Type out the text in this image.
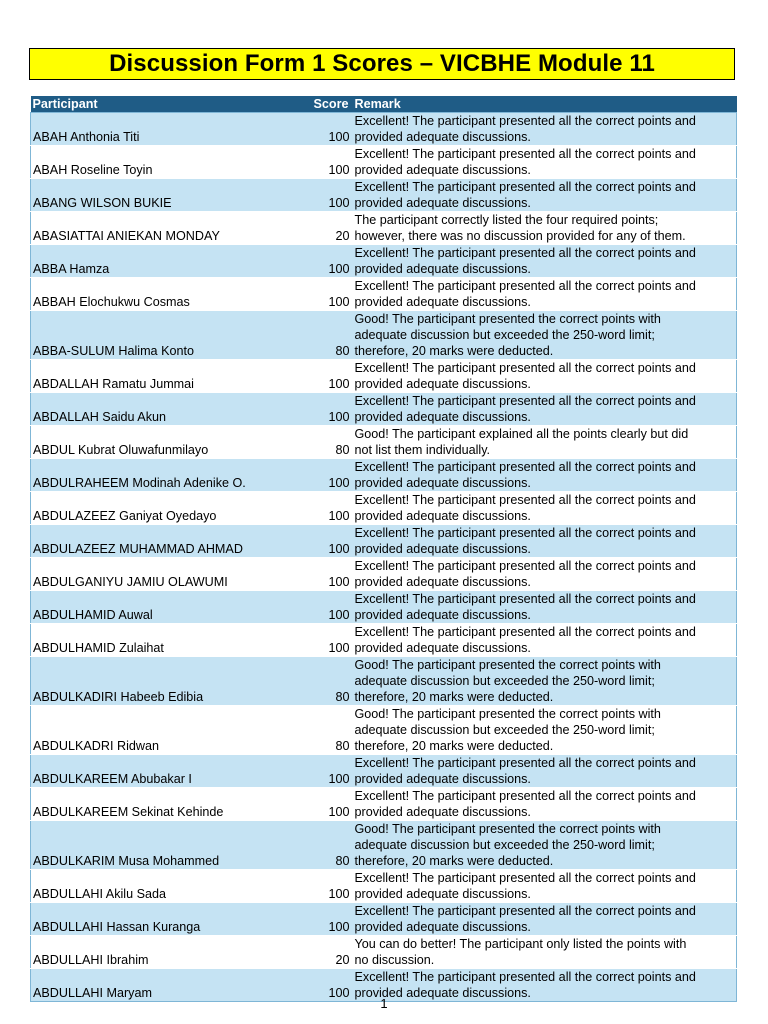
Discussion Form 1 Scores – VICBHE Module 11
Participant	Score	Remark
ABAH Anthonia Titi	100	Excellent! The participant presented all the correct points and
provided adequate discussions.

ABAH Roseline Toyin	100	Excellent! The participant presented all the correct points and
provided adequate discussions.

ABANG WILSON BUKIE	100	Excellent! The participant presented all the correct points and
provided adequate discussions.

ABASIATTAI ANIEKAN MONDAY	20	The participant correctly listed the four required points;
however, there was no discussion provided for any of them.

ABBA Hamza	100	Excellent! The participant presented all the correct points and
provided adequate discussions.

ABBAH Elochukwu Cosmas	100	Excellent! The participant presented all the correct points and
provided adequate discussions.

ABBA-SULUM Halima Konto	80	Good! The participant presented the correct points with
adequate discussion but exceeded the 250-word limit;
therefore, 20 marks were deducted.

ABDALLAH Ramatu Jummai	100	Excellent! The participant presented all the correct points and
provided adequate discussions.

ABDALLAH Saidu Akun	100	Excellent! The participant presented all the correct points and
provided adequate discussions.

ABDUL Kubrat Oluwafunmilayo	80	Good! The participant explained all the points clearly but did
not list them individually.

ABDULRAHEEM Modinah Adenike O.	100	Excellent! The participant presented all the correct points and
provided adequate discussions.

ABDULAZEEZ Ganiyat Oyedayo	100	Excellent! The participant presented all the correct points and
provided adequate discussions.

ABDULAZEEZ MUHAMMAD AHMAD	100	Excellent! The participant presented all the correct points and
provided adequate discussions.

ABDULGANIYU JAMIU OLAWUMI	100	Excellent! The participant presented all the correct points and
provided adequate discussions.

ABDULHAMID Auwal	100	Excellent! The participant presented all the correct points and
provided adequate discussions.

ABDULHAMID Zulaihat	100	Excellent! The participant presented all the correct points and
provided adequate discussions.

ABDULKADIRI Habeeb Edibia	80	Good! The participant presented the correct points with
adequate discussion but exceeded the 250-word limit;
therefore, 20 marks were deducted.

ABDULKADRI Ridwan	80	Good! The participant presented the correct points with
adequate discussion but exceeded the 250-word limit;
therefore, 20 marks were deducted.

ABDULKAREEM Abubakar I	100	Excellent! The participant presented all the correct points and
provided adequate discussions.

ABDULKAREEM Sekinat Kehinde	100	Excellent! The participant presented all the correct points and
provided adequate discussions.

ABDULKARIM Musa Mohammed	80	Good! The participant presented the correct points with
adequate discussion but exceeded the 250-word limit;
therefore, 20 marks were deducted.

ABDULLAHI Akilu Sada	100	Excellent! The participant presented all the correct points and
provided adequate discussions.

ABDULLAHI Hassan Kuranga	100	Excellent! The participant presented all the correct points and
provided adequate discussions.

ABDULLAHI Ibrahim	20	You can do better! The participant only listed the points with
no discussion.

ABDULLAHI Maryam	100	Excellent! The participant presented all the correct points and
provided adequate discussions.
1
